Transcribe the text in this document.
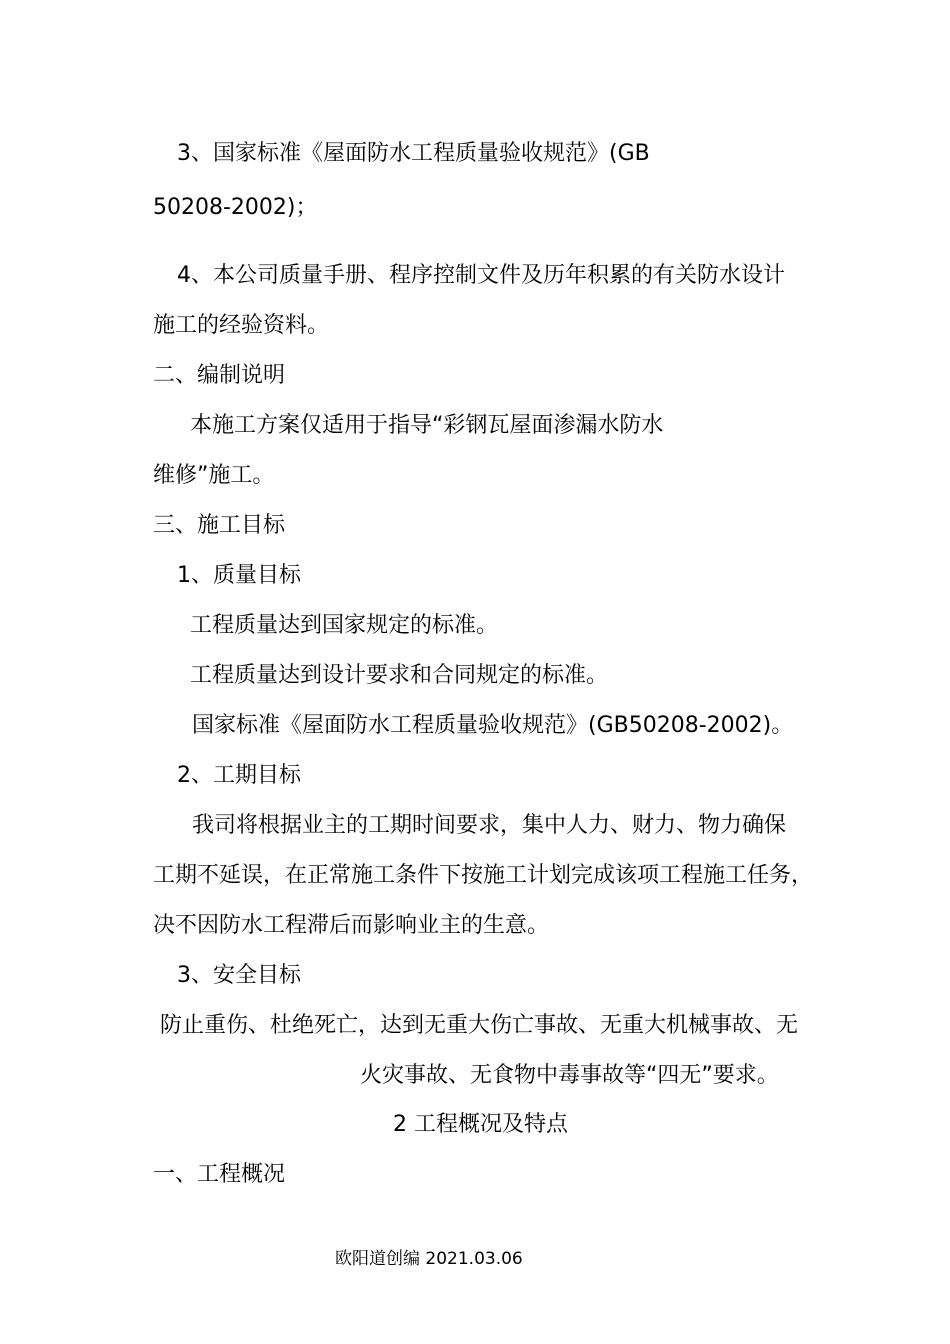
3、国家标准《屋面防水工程质量验收规范》(GB
50208-2002)；
4、本公司质量手册、程序控制文件及历年积累的有关防水设计
施工的经验资料。
二、编制说明
本施工方案仅适用于指导“彩钢瓦屋面渗漏水防水
维修”施工。
三、施工目标
1、质量目标
工程质量达到国家规定的标准。
工程质量达到设计要求和合同规定的标准。
国家标准《屋面防水工程质量验收规范》(GB50208-2002)。
2、工期目标
我司将根据业主的工期时间要求，集中人力、财力、物力确保
工期不延误，在正常施工条件下按施工计划完成该项工程施工任务，
决不因防水工程滞后而影响业主的生意。
3、安全目标
防止重伤、杜绝死亡，达到无重大伤亡事故、无重大机械事故、无
火灾事故、无食物中毒事故等“四无”要求。
2 工程概况及特点
一、工程概况
欧阳道创编 2021.03.06
